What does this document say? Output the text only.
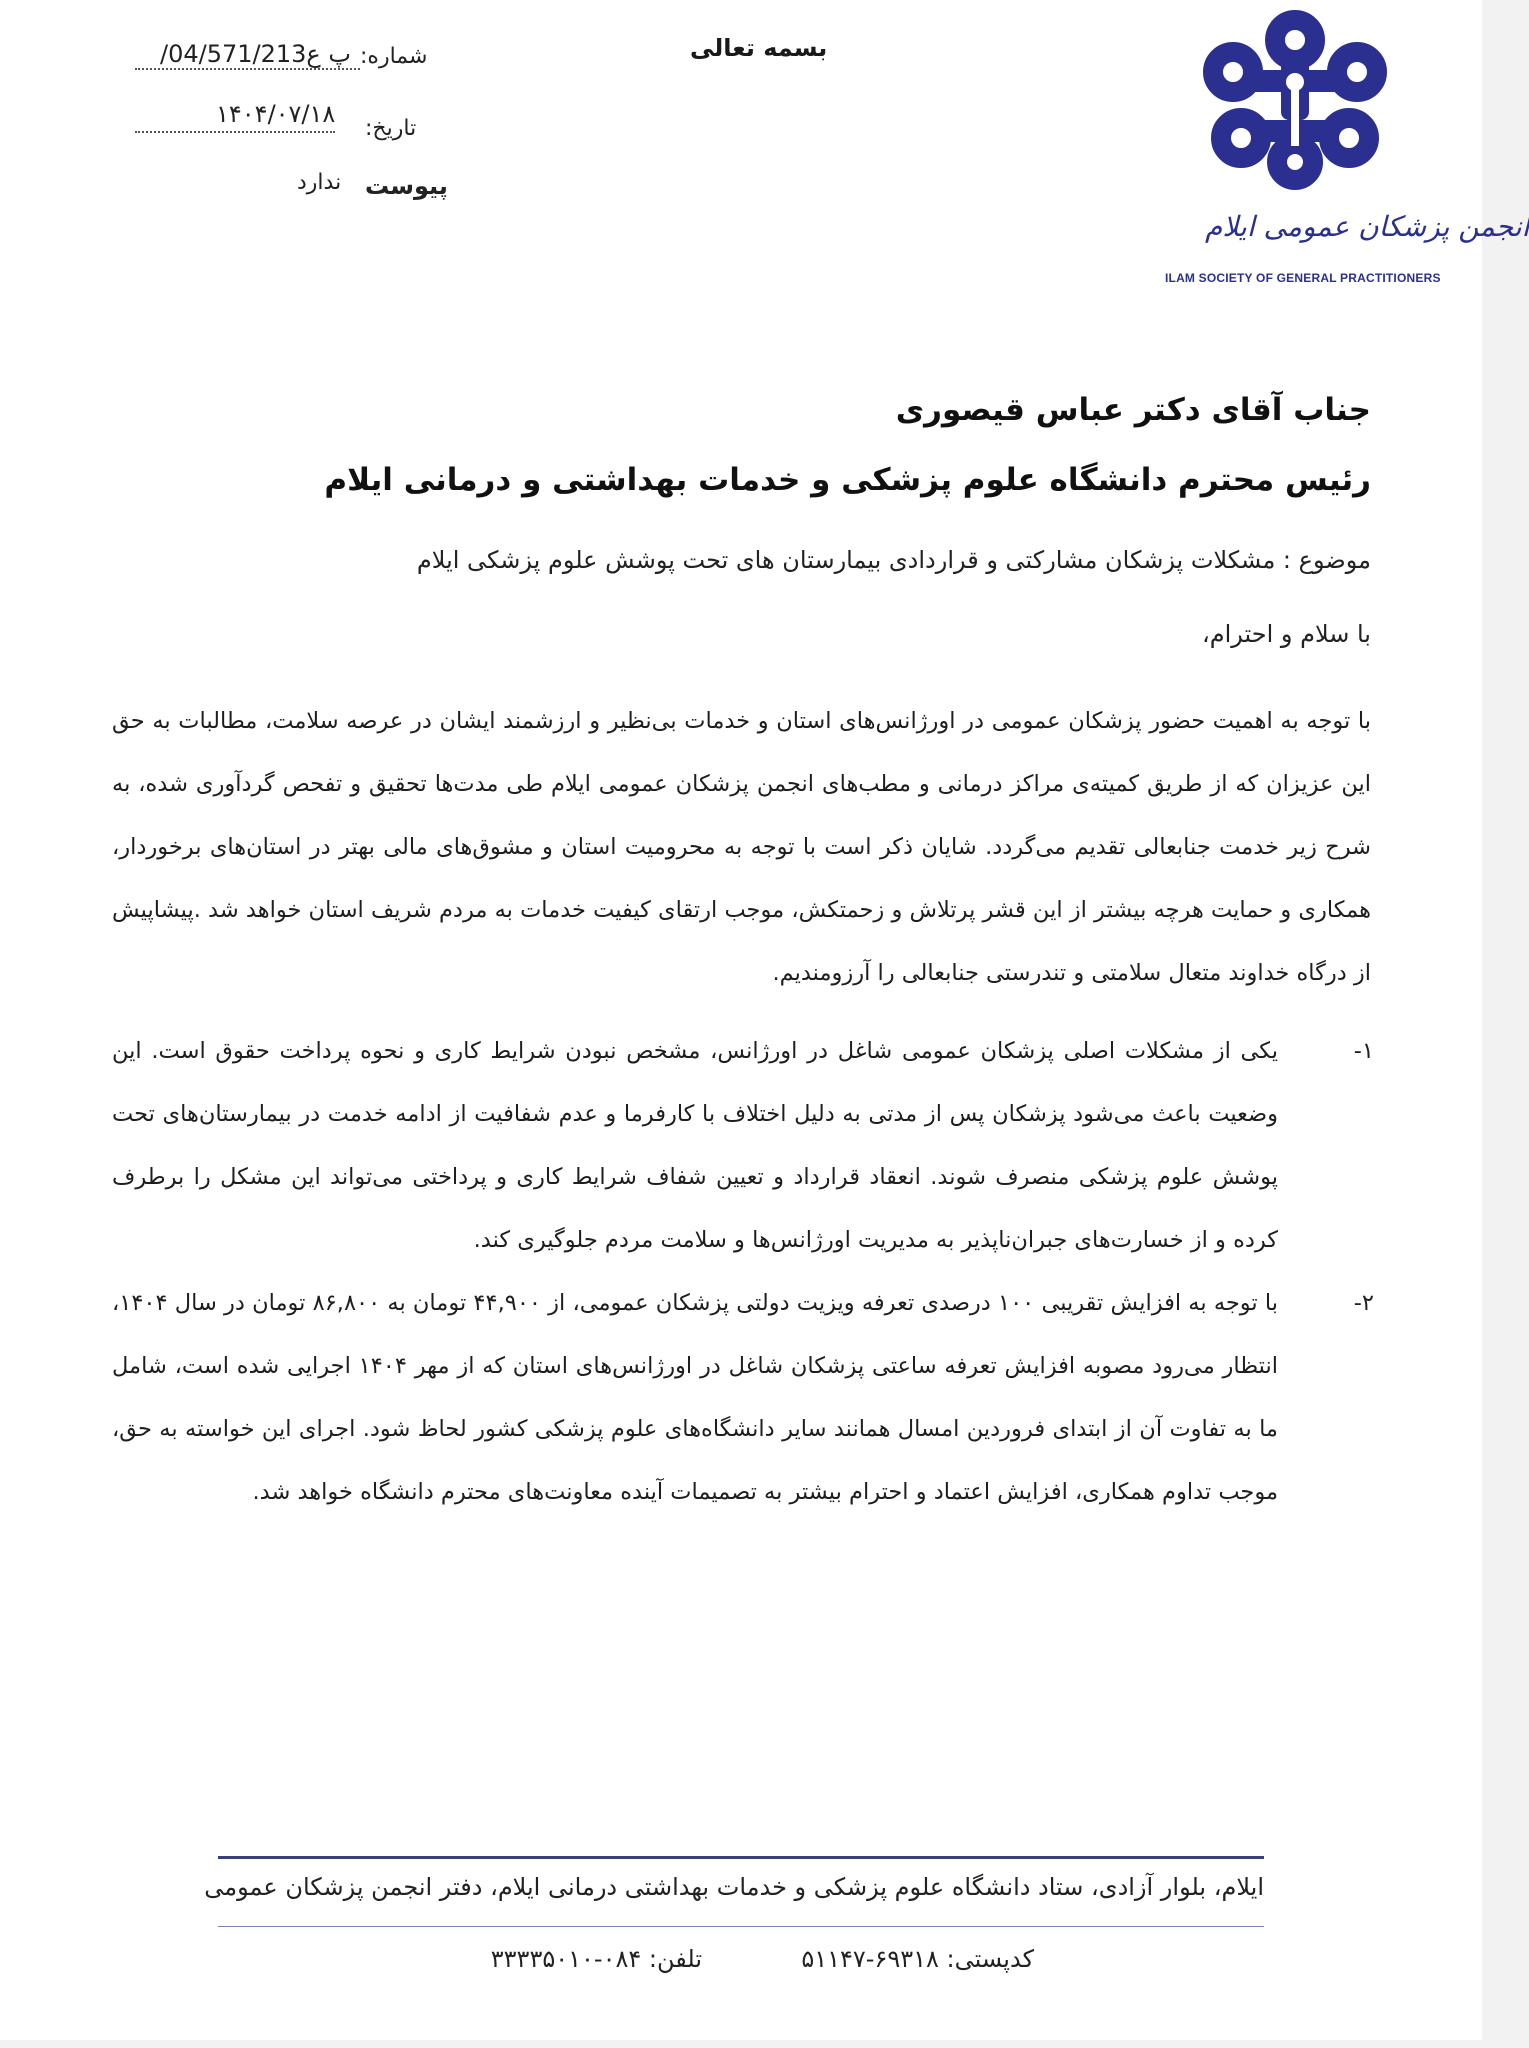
شماره:
/04/571/213پ ع
تاریخ:
۱۴۰۴/۰۷/۱۸
پیوست
ندارد
بسمه تعالی
انجمن پزشکان عمومی ایلام
ILAM SOCIETY OF GENERAL PRACTITIONERS
جناب آقای دکتر عباس قیصوری
رئیس محترم دانشگاه علوم پزشکی و خدمات بهداشتی و درمانی ایلام
موضوع : مشکلات پزشکان مشارکتی و قراردادی بیمارستان های تحت پوشش علوم پزشکی ایلام
با سلام و احترام،
با توجه به اهمیت حضور پزشکان عمومی در اورژانس‌های استان و خدمات بی‌نظیر و ارزشمند ایشان در عرصه سلامت، مطالبات به حق این عزیزان که از طریق کمیته‌ی مراکز درمانی و مطب‌های انجمن پزشکان عمومی ایلام طی مدت‌ها تحقیق و تفحص گردآوری شده، به شرح زیر خدمت جنابعالی تقدیم می‌گردد. شایان ذکر است با توجه به محرومیت استان و مشوق‌های مالی بهتر در استان‌های برخوردار، همکاری و حمایت هرچه بیشتر از این قشر پرتلاش و زحمتکش، موجب ارتقای کیفیت خدمات به مردم شریف استان خواهد شد .پیشاپیش از درگاه خداوند متعال سلامتی و تندرستی جنابعالی را آرزومندیم.
۱-
یکی از مشکلات اصلی پزشکان عمومی شاغل در اورژانس، مشخص نبودن شرایط کاری و نحوه پرداخت حقوق است. این وضعیت باعث می‌شود پزشکان پس از مدتی به دلیل اختلاف با کارفرما و عدم شفافیت از ادامه خدمت در بیمارستان‌های تحت پوشش علوم پزشکی منصرف شوند. انعقاد قرارداد و تعیین شفاف شرایط کاری و پرداختی می‌تواند این مشکل را برطرف کرده و از خسارت‌های جبران‌ناپذیر به مدیریت اورژانس‌ها و سلامت مردم جلوگیری کند.
۲-
با توجه به افزایش تقریبی ۱۰۰ درصدی تعرفه ویزیت دولتی پزشکان عمومی، از ۴۴,۹۰۰ تومان به ۸۶,۸۰۰ تومان در سال ۱۴۰۴، انتظار می‌رود مصوبه افزایش تعرفه ساعتی پزشکان شاغل در اورژانس‌های استان که از مهر ۱۴۰۴ اجرایی شده است، شامل ما به تفاوت آن از ابتدای فروردین امسال همانند سایر دانشگاه‌های علوم پزشکی کشور لحاظ شود. اجرای این خواسته به حق، موجب تداوم همکاری، افزایش اعتماد و احترام بیشتر به تصمیمات آینده معاونت‌های محترم دانشگاه خواهد شد.
ایلام، بلوار آزادی، ستاد دانشگاه علوم پزشکی و خدمات بهداشتی درمانی ایلام، دفتر انجمن پزشکان عمومی
کدپستی: ۶۹۳۱۸-۵۱۱۴۷
تلفن: ۰۸۴-۳۳۳۳۵۰۱۰
